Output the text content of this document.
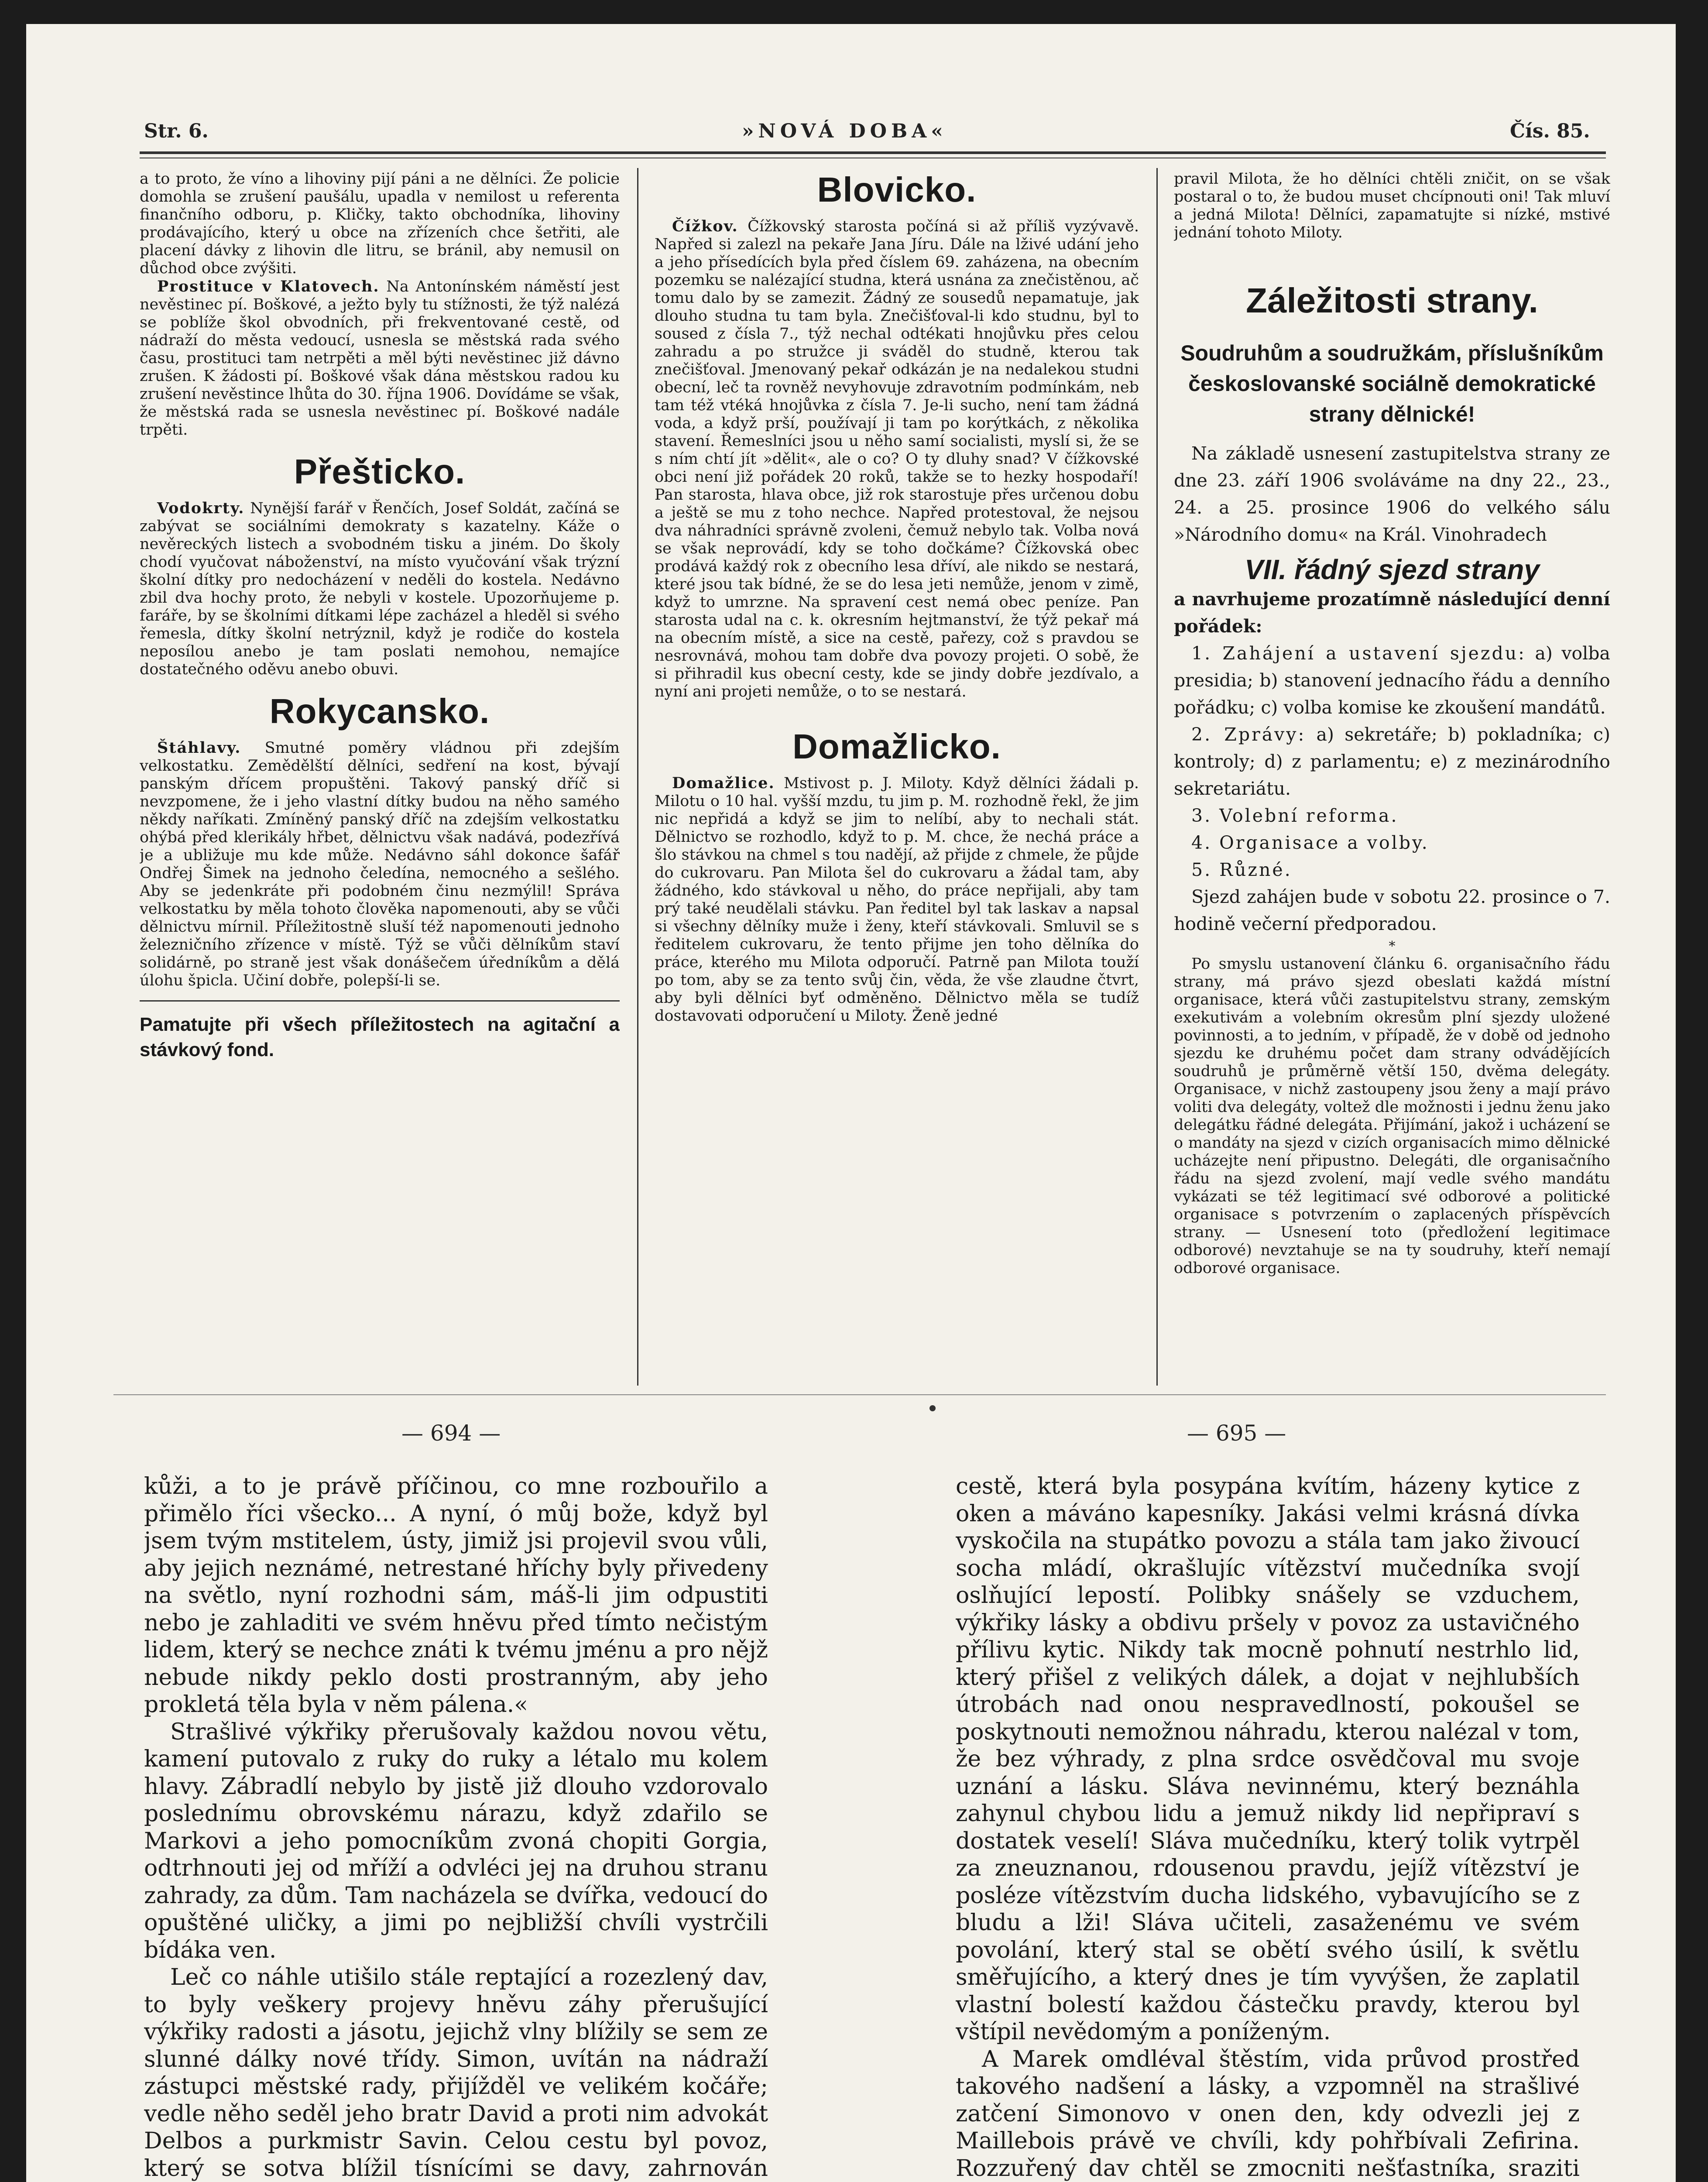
Str. 6.	»NOVÁ DOBA«	Čís. 85.

a to proto, že víno a lihoviny pijí páni a ne dělníci. Že policie domohla se zrušení paušálu, upadla v nemilost u referenta finančního odboru, p. Kličky, takto obchodníka, lihoviny prodávajícího, který u obce na zřízeních chce šetřiti, ale placení dávky z lihovin dle litru, se bránil, aby nemusil on důchod obce zvýšiti.

Prostituce v Klatovech. Na Antonínském náměstí jest nevěstinec pí. Boškové, a ježto byly tu stížnosti, že týž nalézá se poblíže škol obvodních, při frekventované cestě, od nádraží do města vedoucí, usnesla se městská rada svého času, prostituci tam netrpěti a měl býti nevěstinec již dávno zrušen. K žádosti pí. Boškové však dána městskou radou ku zrušení nevěstince lhůta do 30. října 1906. Dovídáme se však, že městská rada se usnesla nevěstinec pí. Boškové nadále trpěti.

Přešticko.

Vodokrty. Nynější farář v Řenčích, Josef Soldát, začíná se zabývat se sociálními demokraty s kazatelny. Káže o nevěreckých listech a svobodném tisku a jiném. Do školy chodí vyučovat náboženství, na místo vyučování však trýzní školní dítky pro nedocházení v neděli do kostela. Nedávno zbil dva hochy proto, že nebyli v kostele. Upozorňujeme p. faráře, by se školními dítkami lépe zacházel a hleděl si svého řemesla, dítky školní netrýznil, když je rodiče do kostela neposílou anebo je tam poslati nemohou, nemajíce dostatečného oděvu anebo obuvi.

Rokycansko.

Štáhlavy. Smutné poměry vládnou při zdejším velkostatku. Zemědělští dělníci, sedření na kost, bývají panským dřícem propuštěni. Takový panský dříč si nevzpomene, že i jeho vlastní dítky budou na něho samého někdy naříkati. Zmíněný panský dříč na zdejším velkostatku ohýbá před klerikály hřbet, dělnictvu však nadává, podezřívá je a ubližuje mu kde může. Nedávno sáhl dokonce šafář Ondřej Šimek na jednoho čeledína, nemocného a sešlého. Aby se jedenkráte při podobném činu nezmýlil! Správa velkostatku by měla tohoto člověka napomenouti, aby se vůči dělnictvu mírnil. Příležitostně sluší též napomenouti jednoho železničního zřízence v místě. Týž se vůči dělníkům staví solidárně, po straně jest však donášečem úředníkům a dělá úlohu špicla. Učiní dobře, polepší-li se.

Pamatujte při všech příležitostech na agitační a stávkový fond.

Blovicko.

Čížkov. Čížkovský starosta počíná si až příliš vyzývavě. Napřed si zalezl na pekaře Jana Jíru. Dále na lživé udání jeho a jeho přísedících byla před číslem 69. zaházena, na obecním pozemku se nalézající studna, která usnána za znečistěnou, ač tomu dalo by se zamezit. Žádný ze sousedů nepamatuje, jak dlouho studna tu tam byla. Znečišťoval-li kdo studnu, byl to soused z čísla 7., týž nechal odtékati hnojůvku přes celou zahradu a po stružce ji sváděl do studně, kterou tak znečišťoval. Jmenovaný pekař odkázán je na nedalekou studni obecní, leč ta rovněž nevyhovuje zdravotním podmínkám, neb tam též vtéká hnojůvka z čísla 7. Je-li sucho, není tam žádná voda, a když prší, používají ji tam po korýtkách, z několika stavení. Řemeslníci jsou u něho samí socialisti, myslí si, že se s ním chtí jít »dělit«, ale o co? O ty dluhy snad? V čížkovské obci není již pořádek 20 roků, takže se to hezky hospodaří! Pan starosta, hlava obce, již rok starostuje přes určenou dobu a ještě se mu z toho nechce. Napřed protestoval, že nejsou dva náhradníci správně zvoleni, čemuž nebylo tak. Volba nová se však neprovádí, kdy se toho dočkáme? Čížkovská obec prodává každý rok z obecního lesa dříví, ale nikdo se nestará, které jsou tak bídné, že se do lesa jeti nemůže, jenom v zimě, když to umrzne. Na spravení cest nemá obec peníze. Pan starosta udal na c. k. okresním hejtmanství, že týž pekař má na obecním místě, a sice na cestě, pařezy, což s pravdou se nesrovnává, mohou tam dobře dva povozy projeti. O sobě, že si přihradil kus obecní cesty, kde se jindy dobře jezdívalo, a nyní ani projeti nemůže, o to se nestará.

Domažlicko.

Domažlice. Mstivost p. J. Miloty. Když dělníci žádali p. Milotu o 10 hal. vyšší mzdu, tu jim p. M. rozhodně řekl, že jim nic nepřidá a když se jim to nelíbí, aby to nechali stát. Dělnictvo se rozhodlo, když to p. M. chce, že nechá práce a šlo stávkou na chmel s tou nadějí, až přijde z chmele, že půjde do cukrovaru. Pan Milota šel do cukrovaru a žádal tam, aby žádného, kdo stávkoval u něho, do práce nepřijali, aby tam prý také neudělali stávku. Pan ředitel byl tak laskav a napsal si všechny dělníky muže i ženy, kteří stávkovali. Smluvil se s ředitelem cukrovaru, že tento přijme jen toho dělníka do práce, kterého mu Milota odporučí. Patrně pan Milota touží po tom, aby se za tento svůj čin, věda, že vše zlaudne čtvrt, aby byli dělníci byť odměněno. Dělnictvo měla se tudíž dostavovati odporučení u Miloty. Ženě jedné

pravil Milota, že ho dělníci chtěli zničit, on se však postaral o to, že budou muset chcípnouti oni! Tak mluví a jedná Milota! Dělníci, zapamatujte si nízké, mstivé jednání tohoto Miloty.

Záležitosti strany.
Soudruhům a soudružkám, příslušníkům českoslovanské sociálně demokratické strany dělnické!

Na základě usnesení zastupitelstva strany ze dne 23. září 1906 svoláváme na dny 22., 23., 24. a 25. prosince 1906 do velkého sálu »Národního domu« na Král. Vinohradech

VII. řádný sjezd strany

a navrhujeme prozatímně následující denní pořádek:

1. Zahájení a ustavení sjezdu: a) volba presidia; b) stanovení jednacího řádu a denního pořádku; c) volba komise ke zkoušení mandátů.

2. Zprávy: a) sekretáře; b) pokladníka; c) kontroly; d) z parlamentu; e) z mezinárodního sekretariátu.

3. Volební reforma.

4. Organisace a volby.

5. Různé.

Sjezd zahájen bude v sobotu 22. prosince o 7. hodině večerní předporadou.

*

Po smyslu ustanovení článku 6. organisačního řádu strany, má právo sjezd obeslati každá místní organisace, která vůči zastupitelstvu strany, zemským exekutivám a volebním okresům plní sjezdy uložené povinnosti, a to jedním, v případě, že v době od jednoho sjezdu ke druhému počet dam strany odvádějících soudruhů je průměrně větší 150, dvěma delegáty. Organisace, v nichž zastoupeny jsou ženy a mají právo voliti dva delegáty, voltež dle možnosti i jednu ženu jako delegátku řádné delegáta. Přijímání, jakož i ucházení se o mandáty na sjezd v cizích organisacích mimo dělnické ucházejte není připustno. Delegáti, dle organisačního řádu na sjezd zvolení, mají vedle svého mandátu vykázati se též legitimací své odborové a politické organisace s potvrzením o zaplacených příspěvcích strany. — Usnesení toto (předložení legitimace odborové) nevztahuje se na ty soudruhy, kteří nemají odborové organisace.

— 694 —	— 695 —

kůži, a to je právě příčinou, co mne rozbouřilo a přimělo říci všecko... A nyní, ó můj bože, když byl jsem tvým mstitelem, ústy, jimiž jsi projevil svou vůli, aby jejich neznámé, netrestané hříchy byly přivedeny na světlo, nyní rozhodni sám, máš-li jim odpustiti nebo je zahladiti ve svém hněvu před tímto nečistým lidem, který se nechce znáti k tvému jménu a pro nějž nebude nikdy peklo dosti prostranným, aby jeho prokletá těla byla v něm pálena.«

Strašlivé výkřiky přerušovaly každou novou větu, kamení putovalo z ruky do ruky a létalo mu kolem hlavy. Zábradlí nebylo by jistě již dlouho vzdorovalo poslednímu obrovskému nárazu, když zdařilo se Markovi a jeho pomocníkům zvoná chopiti Gorgia, odtrhnouti jej od mříží a odvléci jej na druhou stranu zahrady, za dům. Tam nacházela se dvířka, vedoucí do opuštěné uličky, a jimi po nejbližší chvíli vystrčili bídáka ven.

Leč co náhle utišilo stále reptající a rozezlený dav, to byly veškery projevy hněvu záhy přerušující výkřiky radosti a jásotu, jejichž vlny blížily se sem ze slunné dálky nové třídy. Simon, uvítán na nádraží zástupci městské rady, přijížděl ve velikém kočáře; vedle něho seděl jeho bratr David a proti nim advokát Delbos a purkmistr Savin. Celou cestu byl povoz, který se sotva blížil tísnícími se davy, zahrnován

cestě, která byla posypána kvítím, házeny kytice z oken a máváno kapesníky. Jakási velmi krásná dívka vyskočila na stupátko povozu a stála tam jako živoucí socha mládí, okrašlujíc vítězství mučedníka svojí oslňující lepostí. Polibky snášely se vzduchem, výkřiky lásky a obdivu pršely v povoz za ustavičného přílivu kytic. Nikdy tak mocně pohnutí nestrhlo lid, který přišel z velikých dálek, a dojat v nejhlubších útrobách nad onou nespravedlností, pokoušel se poskytnouti nemožnou náhradu, kterou nalézal v tom, že bez výhrady, z plna srdce osvědčoval mu svoje uznání a lásku. Sláva nevinnému, který beznáhla zahynul chybou lidu a jemuž nikdy lid nepřipraví s dostatek veselí! Sláva mučedníku, který tolik vytrpěl za zneuznanou, rdousenou pravdu, jejíž vítězství je posléze vítězstvím ducha lidského, vybavujícího se z bludu a lži! Sláva učiteli, zasaženému ve svém povolání, který stal se obětí svého úsilí, k světlu směřujícího, a který dnes je tím vyvýšen, že zaplatil vlastní bolestí každou částečku pravdy, kterou byl vštípil nevědomým a poníženým.

A Marek omdléval štěstím, vida průvod prostřed takového nadšení a lásky, a vzpomněl na strašlivé zatčení Simonovo v onen den, kdy odvezli jej z Maillebois právě ve chvíli, kdy pohřbívali Zefirina. Rozzuřený dav chtěl se zmocniti nešťastníka, sraziti
